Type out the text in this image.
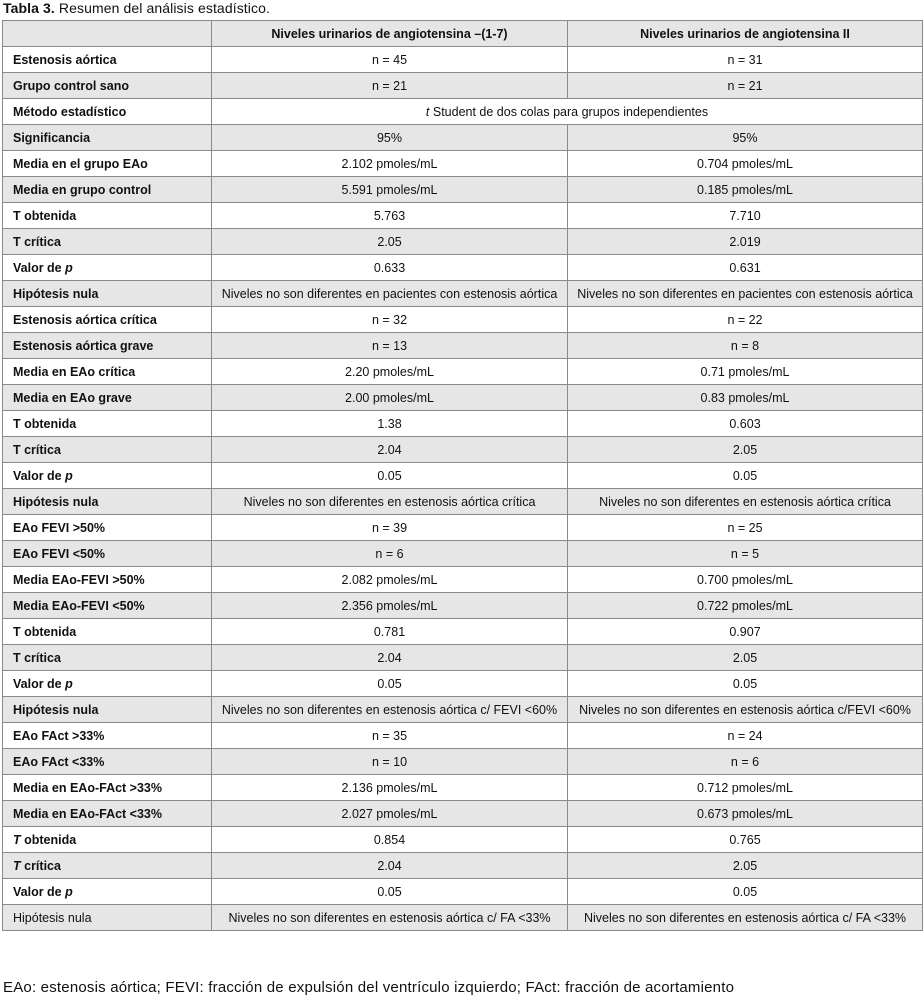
Tabla 3. Resumen del análisis estadístico.
	Niveles urinarios de angiotensina –(1-7)	Niveles urinarios de angiotensina II
Estenosis aórtica	n = 45	n = 31
Grupo control sano	n = 21	n = 21
Método estadístico	t Student de dos colas para grupos independientes	
Significancia	95%	95%
Media en el grupo EAo	2.102 pmoles/mL	0.704 pmoles/mL
Media en grupo control	5.591 pmoles/mL	0.185 pmoles/mL
T obtenida	5.763	7.710
T crítica	2.05	2.019
Valor de p	0.633	0.631
Hipótesis nula	Niveles no son diferentes en pacientes con estenosis aórtica	Niveles no son diferentes en pacientes con estenosis aórtica
Estenosis aórtica crítica	n = 32	n = 22
Estenosis aórtica grave	n = 13	n = 8
Media en EAo crítica	2.20 pmoles/mL	0.71 pmoles/mL
Media en EAo grave	2.00 pmoles/mL	0.83 pmoles/mL
T obtenida	1.38	0.603
T crítica	2.04	2.05
Valor de p	0.05	0.05
Hipótesis nula	Niveles no son diferentes en estenosis aórtica crítica	Niveles no son diferentes en estenosis aórtica crítica
EAo FEVI >50%	n = 39	n = 25
EAo FEVI <50%	n = 6	n = 5
Media EAo-FEVI >50%	2.082 pmoles/mL	0.700 pmoles/mL
Media EAo-FEVI <50%	2.356 pmoles/mL	0.722 pmoles/mL
T obtenida	0.781	0.907
T crítica	2.04	2.05
Valor de p	0.05	0.05
Hipótesis nula	Niveles no son diferentes en estenosis aórtica c/ FEVI <60%	Niveles no son diferentes en estenosis aórtica c/FEVI <60%
EAo FAct >33%	n = 35	n = 24
EAo FAct <33%	n = 10	n = 6
Media en EAo-FAct >33%	2.136 pmoles/mL	0.712 pmoles/mL
Media en EAo-FAct <33%	2.027 pmoles/mL	0.673 pmoles/mL
T obtenida	0.854	0.765
T crítica	2.04	2.05
Valor de p	0.05	0.05
Hipótesis nula	Niveles no son diferentes en estenosis aórtica c/ FA <33%	Niveles no son diferentes en estenosis aórtica c/ FA <33%
EAo: estenosis aórtica; FEVI: fracción de expulsión del ventrículo izquierdo; FAct: fracción de acortamiento
